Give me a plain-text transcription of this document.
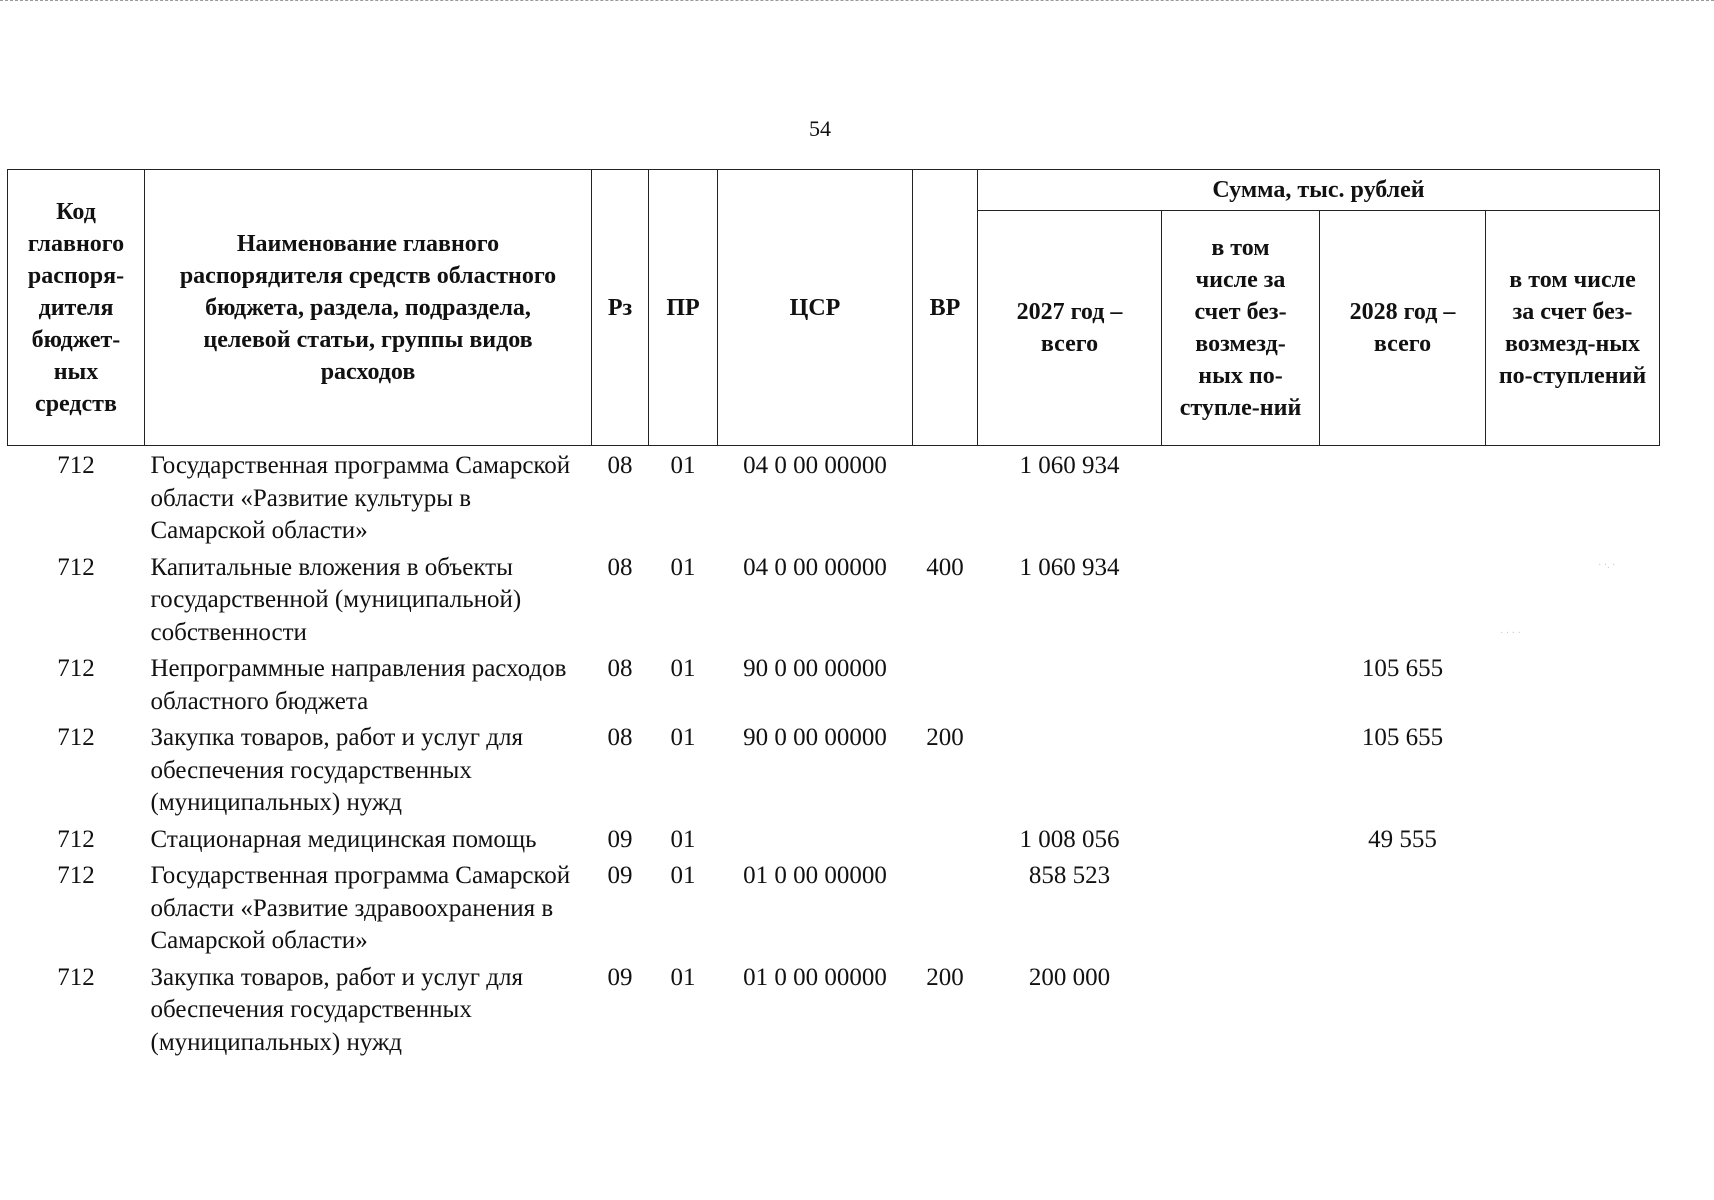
54
Код главного распоря-дителя бюджет-ных средств	Наименование главного распорядителя средств областного бюджета, раздела, подраздела, целевой статьи, группы видов расходов	Рз	ПР	ЦСР	ВР	Сумма, тыс. рублей			
						2027 год – всего	в том числе за счет без-возмезд-ных по-ступле-ний	2028 год – всего	в том числе за счет без-возмезд-ных по-ступлений
712	Государственная программа Самарской области «Развитие культуры в Самарской области»	08	01	04 0 00 00000		1 060 934			
712	Капитальные вложения в объекты государственной (муниципальной) собственности	08	01	04 0 00 00000	400	1 060 934			
712	Непрограммные направления расходов областного бюджета	08	01	90 0 00 00000				105 655	
712	Закупка товаров, работ и услуг для обеспечения государственных (муниципальных) нужд	08	01	90 0 00 00000	200			105 655	
712	Стационарная медицинская помощь	09	01			1 008 056		49 555	
712	Государственная программа Самарской области «Развитие здравоохранения в Самарской области»	09	01	01 0 00 00000		858 523			
712	Закупка товаров, работ и услуг для обеспечения государственных (муниципальных) нужд	09	01	01 0 00 00000	200	200 000			
· ·. ·
· · · ·
